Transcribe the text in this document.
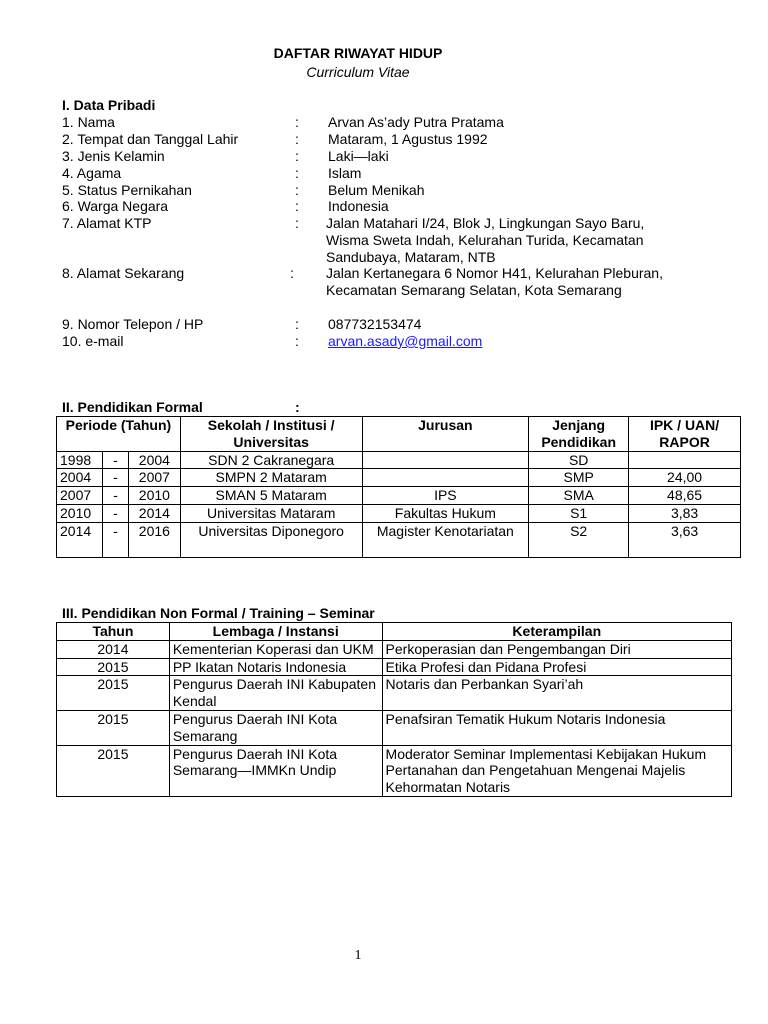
DAFTAR RIWAYAT HIDUP
Curriculum Vitae
I. Data Pribadi
1. Nama	: Arvan As’ady Putra Pratama
2. Tempat dan Tanggal Lahir	: Mataram, 1 Agustus 1992
3. Jenis Kelamin	: Laki—laki
4. Agama	: Islam
5. Status Pernikahan	: Belum Menikah
6. Warga Negara	: Indonesia
7. Alamat KTP	: Jalan Matahari I/24, Blok J, Lingkungan Sayo Baru, Wisma Sweta Indah, Kelurahan Turida, Kecamatan Sandubaya, Mataram, NTB
8. Alamat Sekarang	: Jalan Kertanegara 6 Nomor H41, Kelurahan Pleburan, Kecamatan Semarang Selatan, Kota Semarang
9. Nomor Telepon / HP	: 087732153474
10. e-mail	: arvan.asady@gmail.com
II. Pendidikan Formal	:
Periode (Tahun)			Sekolah / Institusi / Universitas	Jurusan	Jenjang Pendidikan	IPK / UAN/ RAPOR
1998	-	2004	SDN 2 Cakranegara		SD	
2004	-	2007	SMPN 2 Mataram		SMP	24,00
2007	-	2010	SMAN 5 Mataram	IPS	SMA	48,65
2010	-	2014	Universitas Mataram	Fakultas Hukum	S1	3,83
2014	-	2016	Universitas Diponegoro	Magister Kenotariatan	S2	3,63
III. Pendidikan Non Formal / Training – Seminar
Tahun	Lembaga / Instansi	Keterampilan
2014	Kementerian Koperasi dan UKM	Perkoperasian dan Pengembangan Diri
2015	PP Ikatan Notaris Indonesia	Etika Profesi dan Pidana Profesi
2015	Pengurus Daerah INI Kabupaten Kendal	Notaris dan Perbankan Syari’ah
2015	Pengurus Daerah INI Kota Semarang	Penafsiran Tematik Hukum Notaris Indonesia
2015	Pengurus Daerah INI Kota Semarang—IMMKn Undip	Moderator Seminar Implementasi Kebijakan Hukum Pertanahan dan Pengetahuan Mengenai Majelis Kehormatan Notaris
1
